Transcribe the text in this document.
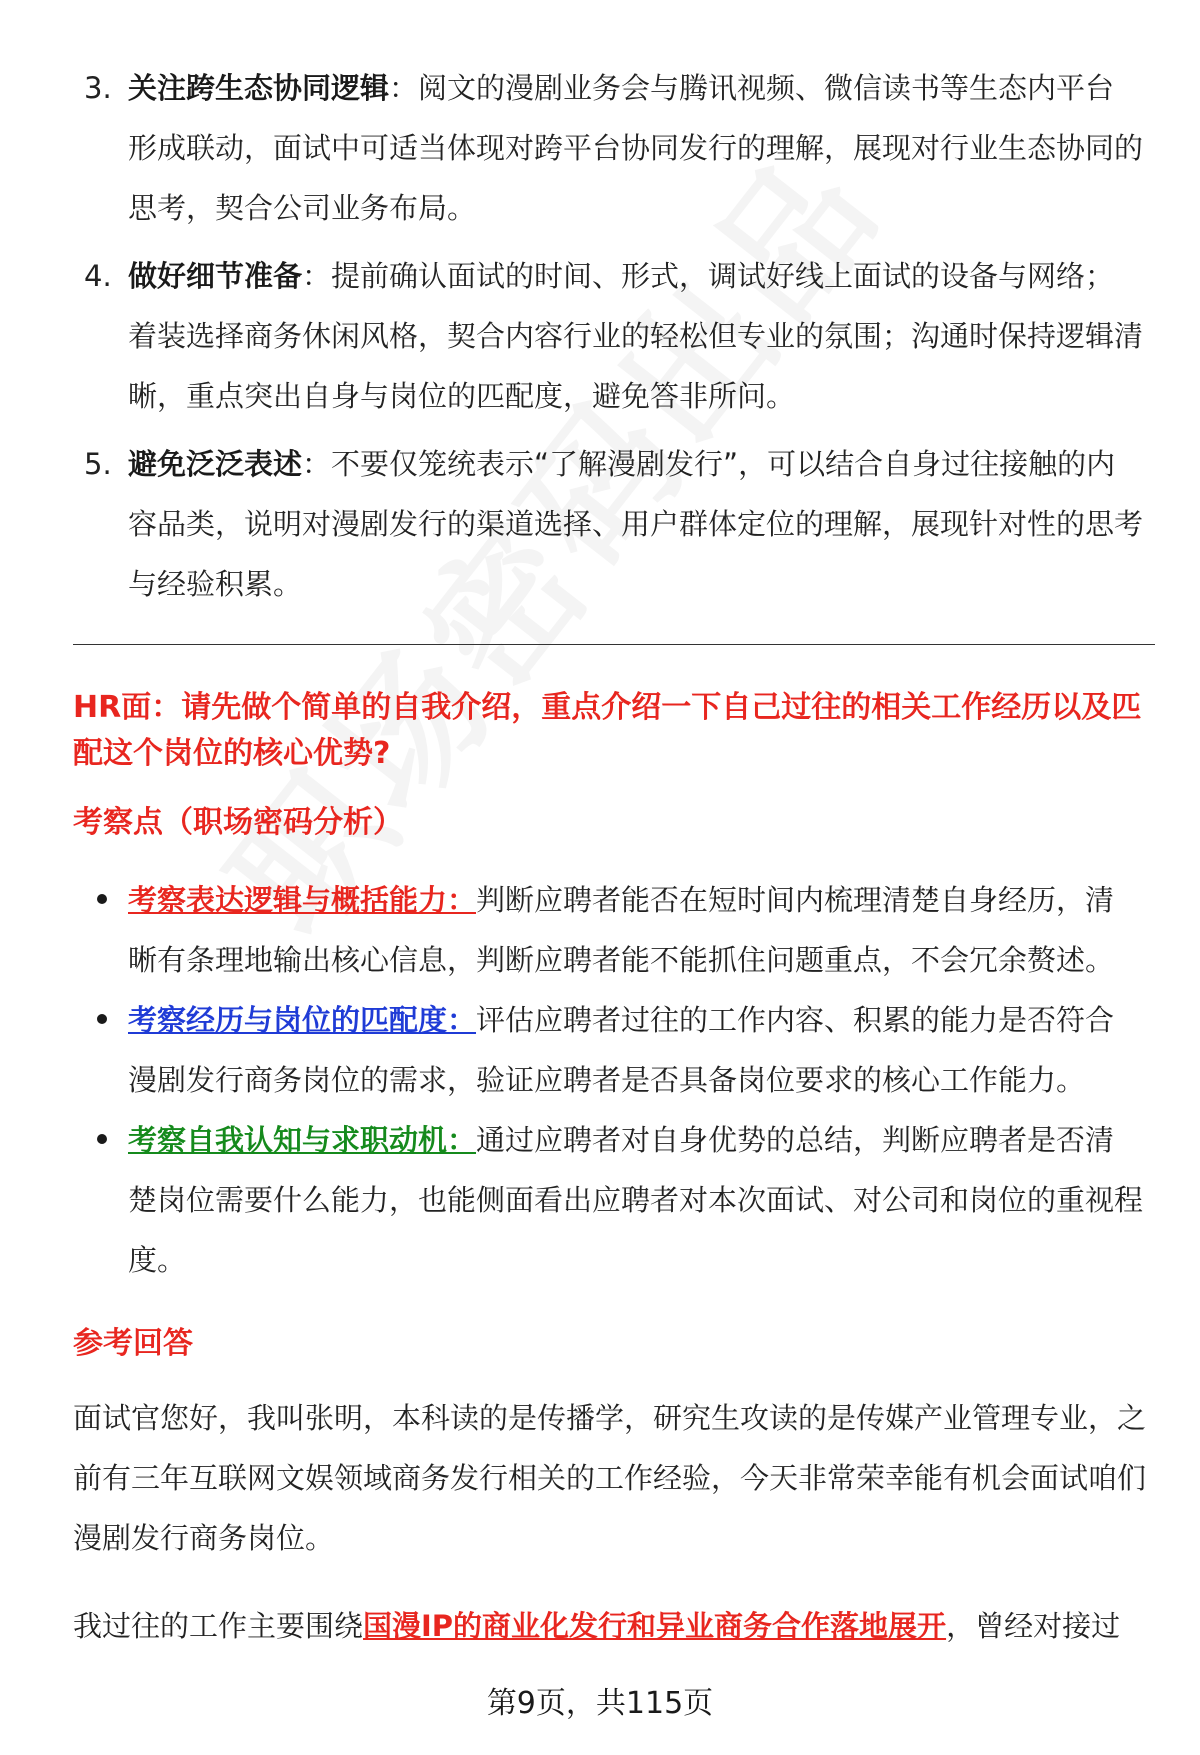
3. 关注跨生态协同逻辑：阅文的漫剧业务会与腾讯视频、微信读书等生态内平台形成联动，面试中可适当体现对跨平台协同发行的理解，展现对行业生态协同的思考，契合公司业务布局。
4. 做好细节准备：提前确认面试的时间、形式，调试好线上面试的设备与网络；着装选择商务休闲风格，契合内容行业的轻松但专业的氛围；沟通时保持逻辑清晰，重点突出自身与岗位的匹配度，避免答非所问。
5. 避免泛泛表述：不要仅笼统表示“了解漫剧发行”，可以结合自身过往接触的内容品类，说明对漫剧发行的渠道选择、用户群体定位的理解，展现针对性的思考与经验积累。
HR面：请先做个简单的自我介绍，重点介绍一下自己过往的相关工作经历以及匹配这个岗位的核心优势?
考察点（职场密码分析）
考察表达逻辑与概括能力：判断应聘者能否在短时间内梳理清楚自身经历，清晰有条理地输出核心信息，判断应聘者能不能抓住问题重点，不会冗余赘述。
考察经历与岗位的匹配度：评估应聘者过往的工作内容、积累的能力是否符合漫剧发行商务岗位的需求，验证应聘者是否具备岗位要求的核心工作能力。
考察自我认知与求职动机：通过应聘者对自身优势的总结，判断应聘者是否清楚岗位需要什么能力，也能侧面看出应聘者对本次面试、对公司和岗位的重视程度。
参考回答
面试官您好，我叫张明，本科读的是传播学，研究生攻读的是传媒产业管理专业，之前有三年互联网文娱领域商务发行相关的工作经验，今天非常荣幸能有机会面试咱们漫剧发行商务岗位。
我过往的工作主要围绕国漫IP的商业化发行和异业商务合作落地展开，曾经对接过
第9页，共115页
